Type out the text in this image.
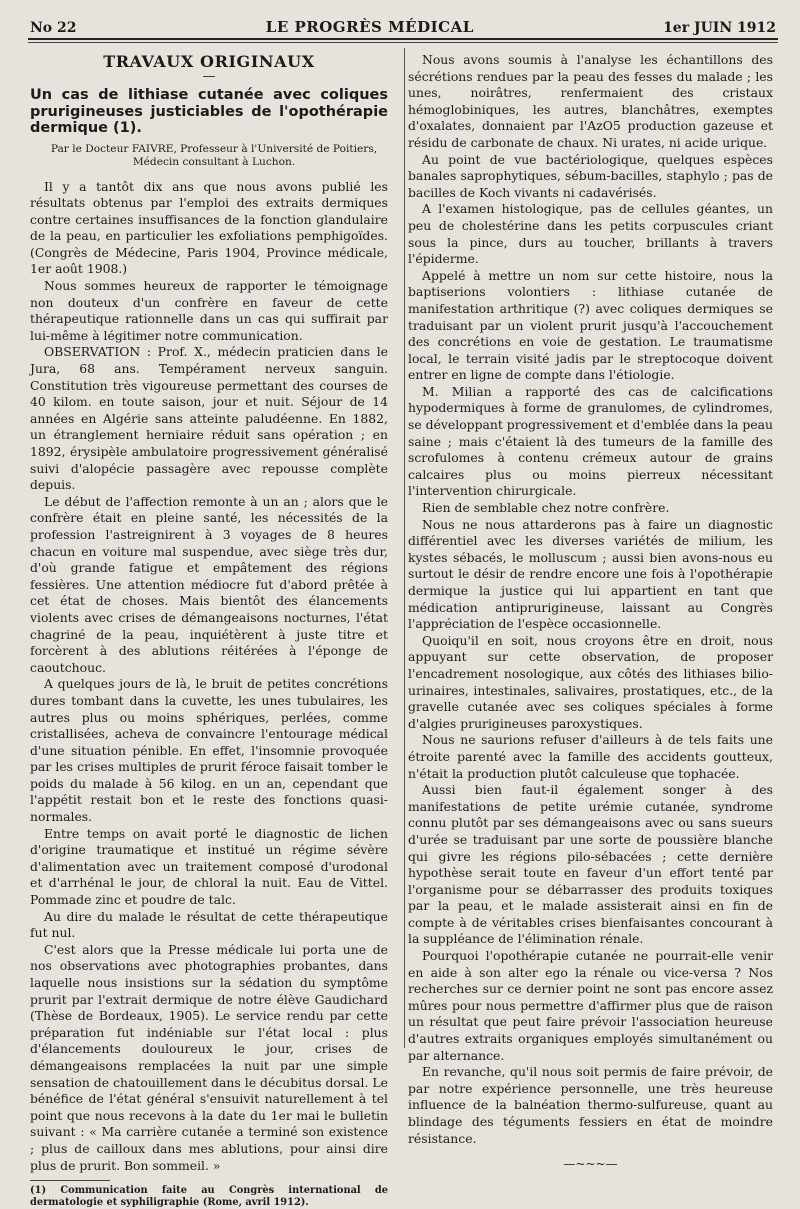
No 22	LE PROGRÈS MÉDICAL	1er JUIN 1912
TRAVAUX ORIGINAUX
—
Un cas de lithiase cutanée avec coliques prurigineuses justiciables de l'opothérapie dermique (1).
Par le Docteur FAIVRE, Professeur à l'Université de Poitiers,
Médecin consultant à Luchon.

Il y a tantôt dix ans que nous avons publié les résultats obtenus par l'emploi des extraits dermiques contre certaines insuffisances de la fonction glandulaire de la peau, en particulier les exfoliations pemphigoïdes. (Congrès de Médecine, Paris 1904, Province médicale, 1er août 1908.)

Nous sommes heureux de rapporter le témoignage non douteux d'un confrère en faveur de cette thérapeutique rationnelle dans un cas qui suffirait par lui-même à légitimer notre communication.

OBSERVATION : Prof. X., médecin praticien dans le Jura, 68 ans. Tempérament nerveux sanguin. Constitution très vigoureuse permettant des courses de 40 kilom. en toute saison, jour et nuit. Séjour de 14 années en Algérie sans atteinte paludéenne. En 1882, un étranglement herniaire réduit sans opération ; en 1892, érysipèle ambulatoire progressivement généralisé suivi d'alopécie passagère avec repousse complète depuis.

Le début de l'affection remonte à un an ; alors que le confrère était en pleine santé, les nécessités de la profession l'astreignirent à 3 voyages de 8 heures chacun en voiture mal suspendue, avec siège très dur, d'où grande fatigue et empâtement des régions fessières. Une attention médiocre fut d'abord prêtée à cet état de choses. Mais bientôt des élancements violents avec crises de démangeaisons nocturnes, l'état chagriné de la peau, inquiétèrent à juste titre et forcèrent à des ablutions réitérées à l'éponge de caoutchouc.

A quelques jours de là, le bruit de petites concrétions dures tombant dans la cuvette, les unes tubulaires, les autres plus ou moins sphériques, perlées, comme cristallisées, acheva de convaincre l'entourage médical d'une situation pénible. En effet, l'insomnie provoquée par les crises multiples de prurit féroce faisait tomber le poids du malade à 56 kilog. en un an, cependant que l'appétit restait bon et le reste des fonctions quasi-normales.

Entre temps on avait porté le diagnostic de lichen d'origine traumatique et institué un régime sévère d'alimentation avec un traitement composé d'urodonal et d'arrhénal le jour, de chloral la nuit. Eau de Vittel. Pommade zinc et poudre de talc.

Au dire du malade le résultat de cette thérapeutique fut nul.

C'est alors que la Presse médicale lui porta une de nos observations avec photographies probantes, dans laquelle nous insistions sur la sédation du symptôme prurit par l'extrait dermique de notre élève Gaudichard (Thèse de Bordeaux, 1905). Le service rendu par cette préparation fut indéniable sur l'état local : plus d'élancements douloureux le jour, crises de démangeaisons remplacées la nuit par une simple sensation de chatouillement dans le décubitus dorsal. Le bénéfice de l'état général s'ensuivit naturellement à tel point que nous recevons à la date du 1er mai le bulletin suivant : « Ma carrière cutanée a terminé son existence ; plus de cailloux dans mes ablutions, pour ainsi dire plus de prurit. Bon sommeil. »

(1) Communication faite au Congrès international de dermatologie et syphiligraphie (Rome, avril 1912).

Nous avons soumis à l'analyse les échantillons des sécrétions rendues par la peau des fesses du malade ; les unes, noirâtres, renfermaient des cristaux hémoglobiniques, les autres, blanchâtres, exemptes d'oxalates, donnaient par l'AzO5 production gazeuse et résidu de carbonate de chaux. Ni urates, ni acide urique.

Au point de vue bactériologique, quelques espèces banales saprophytiques, sébum-bacilles, staphylo ; pas de bacilles de Koch vivants ni cadavérisés.

A l'examen histologique, pas de cellules géantes, un peu de cholestérine dans les petits corpuscules criant sous la pince, durs au toucher, brillants à travers l'épiderme.

Appelé à mettre un nom sur cette histoire, nous la baptiserions volontiers : lithiase cutanée de manifestation arthritique (?) avec coliques dermiques se traduisant par un violent prurit jusqu'à l'accouchement des concrétions en voie de gestation. Le traumatisme local, le terrain visité jadis par le streptocoque doivent entrer en ligne de compte dans l'étiologie.

M. Milian a rapporté des cas de calcifications hypodermiques à forme de granulomes, de cylindromes, se développant progressivement et d'emblée dans la peau saine ; mais c'étaient là des tumeurs de la famille des scrofulomes à contenu crémeux autour de grains calcaires plus ou moins pierreux nécessitant l'intervention chirurgicale.

Rien de semblable chez notre confrère.

Nous ne nous attarderons pas à faire un diagnostic différentiel avec les diverses variétés de milium, les kystes sébacés, le molluscum ; aussi bien avons-nous eu surtout le désir de rendre encore une fois à l'opothérapie dermique la justice qui lui appartient en tant que médication antiprurigineuse, laissant au Congrès l'appréciation de l'espèce occasionnelle.

Quoiqu'il en soit, nous croyons être en droit, nous appuyant sur cette observation, de proposer l'encadrement nosologique, aux côtés des lithiases bilio-urinaires, intestinales, salivaires, prostatiques, etc., de la gravelle cutanée avec ses coliques spéciales à forme d'algies prurigineuses paroxystiques.

Nous ne saurions refuser d'ailleurs à de tels faits une étroite parenté avec la famille des accidents goutteux, n'était la production plutôt calculeuse que tophacée.

Aussi bien faut-il également songer à des manifestations de petite urémie cutanée, syndrome connu plutôt par ses démangeaisons avec ou sans sueurs d'urée se traduisant par une sorte de poussière blanche qui givre les régions pilo-sébacées ; cette dernière hypothèse serait toute en faveur d'un effort tenté par l'organisme pour se débarrasser des produits toxiques par la peau, et le malade assisterait ainsi en fin de compte à de véritables crises bienfaisantes concourant à la suppléance de l'élimination rénale.

Pourquoi l'opothérapie cutanée ne pourrait-elle venir en aide à son alter ego la rénale ou vice-versa ? Nos recherches sur ce dernier point ne sont pas encore assez mûres pour nous permettre d'affirmer plus que de raison un résultat que peut faire prévoir l'association heureuse d'autres extraits organiques employés simultanément ou par alternance.

En revanche, qu'il nous soit permis de faire prévoir, de par notre expérience personnelle, une très heureuse influence de la balnéation thermo-sulfureuse, quant au blindage des téguments fessiers en état de moindre résistance.

—~~~—
